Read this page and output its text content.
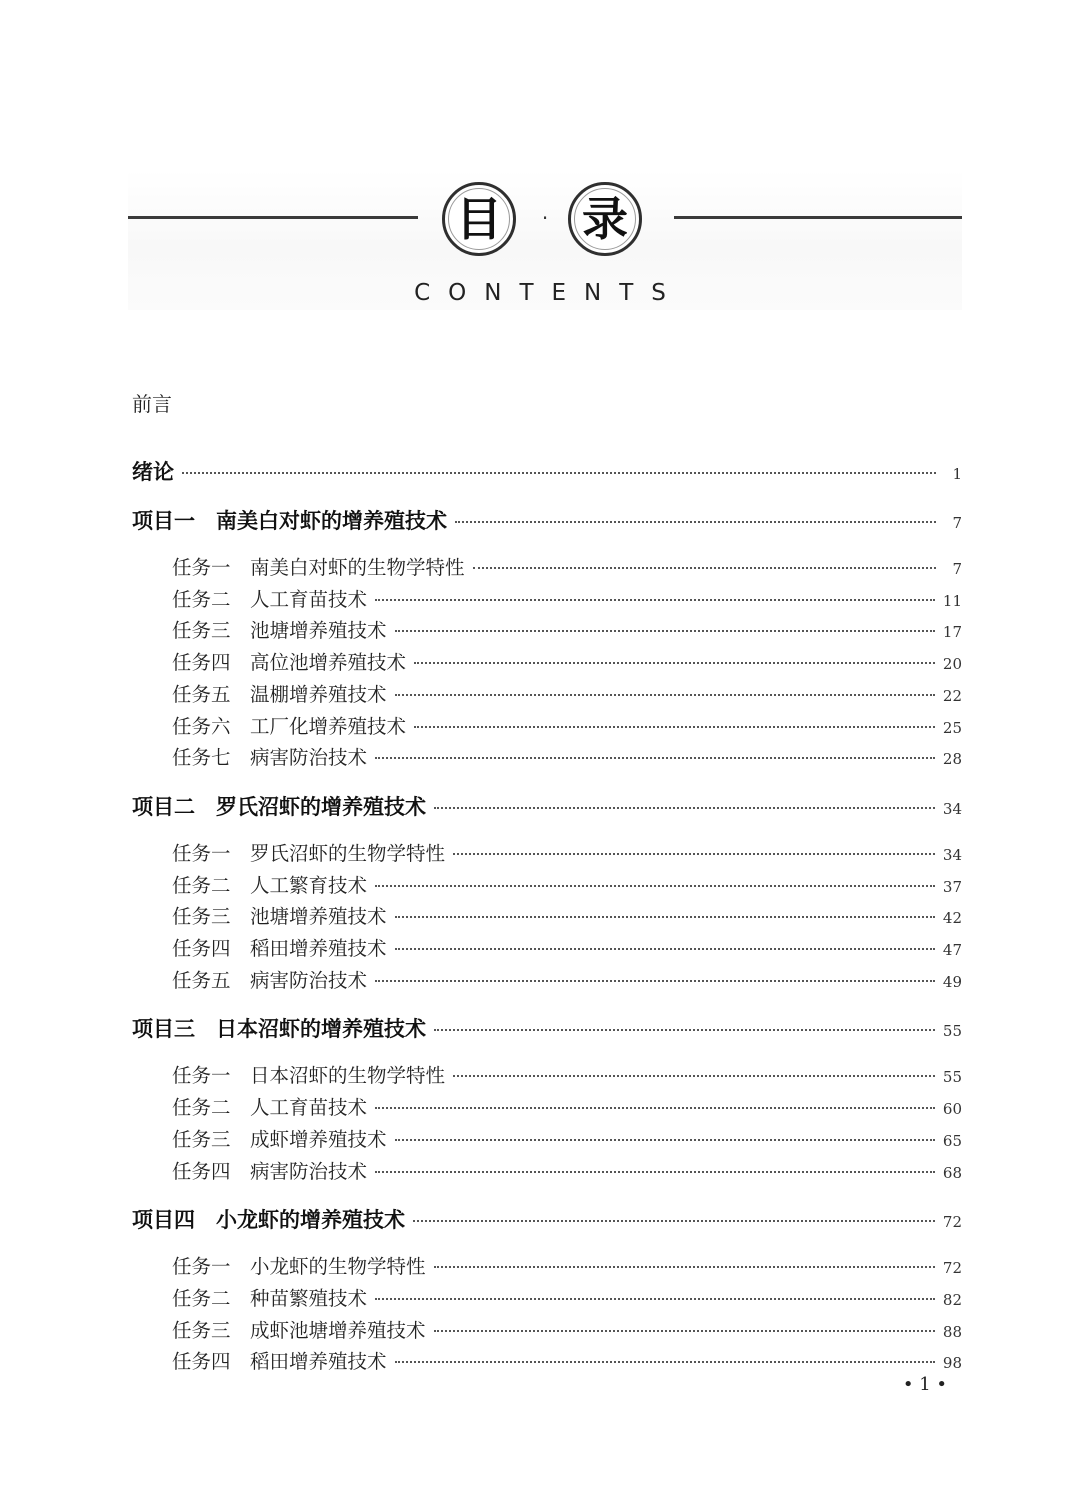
目	· 录
CONTENTS
前言
绪论	1
项目一　南美白对虾的增养殖技术	7
任务一　南美白对虾的生物学特性	7
任务二　人工育苗技术	11
任务三　池塘增养殖技术	17
任务四　高位池增养殖技术	20
任务五　温棚增养殖技术	22
任务六　工厂化增养殖技术	25
任务七　病害防治技术	28
项目二　罗氏沼虾的增养殖技术	34
任务一　罗氏沼虾的生物学特性	34
任务二　人工繁育技术	37
任务三　池塘增养殖技术	42
任务四　稻田增养殖技术	47
任务五　病害防治技术	49
项目三　日本沼虾的增养殖技术	55
任务一　日本沼虾的生物学特性	55
任务二　人工育苗技术	60
任务三　成虾增养殖技术	65
任务四　病害防治技术	68
项目四　小龙虾的增养殖技术	72
任务一　小龙虾的生物学特性	72
任务二　种苗繁殖技术	82
任务三　成虾池塘增养殖技术	88
任务四　稻田增养殖技术	98
• 1 •
